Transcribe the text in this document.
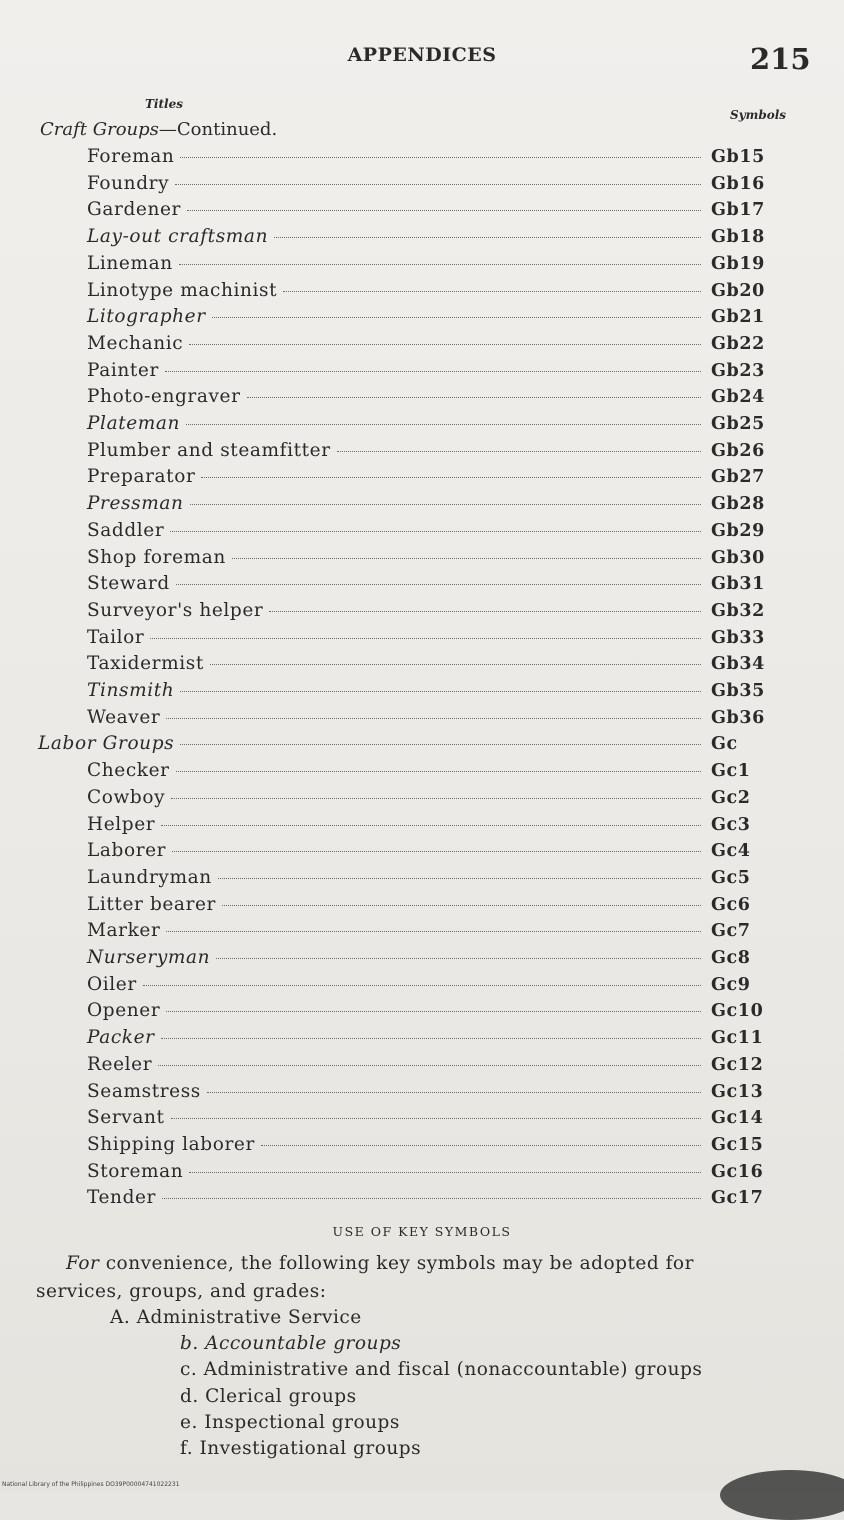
APPENDICES	215
Titles
Symbols
Craft Groups—Continued.
Foreman	Gb15
Foundry	Gb16
Gardener	Gb17
Lay-out craftsman	Gb18
Lineman	Gb19
Linotype machinist	Gb20
Litographer	Gb21
Mechanic	Gb22
Painter	Gb23
Photo-engraver	Gb24
Plateman	Gb25
Plumber and steamfitter	Gb26
Preparator	Gb27
Pressman	Gb28
Saddler	Gb29
Shop foreman	Gb30
Steward	Gb31
Surveyor's helper	Gb32
Tailor	Gb33
Taxidermist	Gb34
Tinsmith	Gb35
Weaver	Gb36
Labor Groups	Gc
Checker	Gc1
Cowboy	Gc2
Helper	Gc3
Laborer	Gc4
Laundryman	Gc5
Litter bearer	Gc6
Marker	Gc7
Nurseryman	Gc8
Oiler	Gc9
Opener	Gc10
Packer	Gc11
Reeler	Gc12
Seamstress	Gc13
Servant	Gc14
Shipping laborer	Gc15
Storeman	Gc16
Tender	Gc17
USE OF KEY SYMBOLS
For convenience, the following key symbols may be adopted for
services, groups, and grades:
A. Administrative Service
b. Accountable groups
c. Administrative and fiscal (nonaccountable) groups
d. Clerical groups
e. Inspectional groups
f. Investigational groups
National Library of the Philippines DO39P00004741022231
